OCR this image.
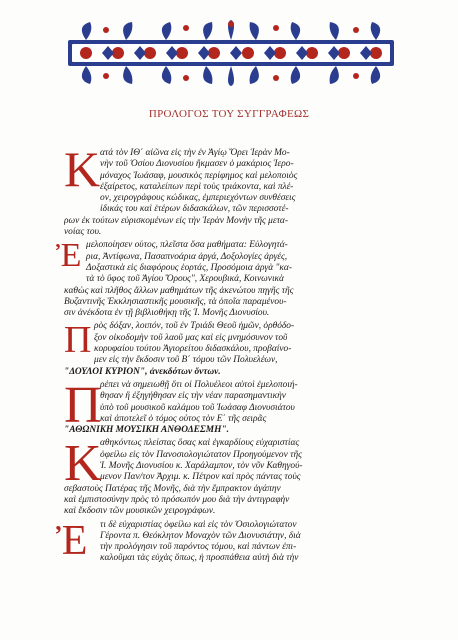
ΠΡΟΛΟΓΟΣ ΤΟΥ ΣΥΓΓΡΑΦΕΩΣ
Κ ατά τὸν ΙΘ΄ αἰῶνα εἰς τὴν ἐν Ἁγίῳ Ὄρει Ἱερὰν Μο-
νὴν τοῦ Ὁσίου Διονυσίου ἤκμασεν ὁ μακάριος Ἱερο-
μόναχος Ἰωάσαφ, μουσικὸς περίφημος καὶ μελοποιὸς
ἐξαίρετος, καταλείπων περὶ τοὺς τριάκοντα, καὶ πλέ-
ον, χειρογράφους κώδικας, ἐμπεριεχόντων συνθέσεις
ἰδικάς του καὶ ἑτέρων διδασκάλων, τῶν περισσοτέ-
ρων ἐκ τούτων εὑρισκομένων εἰς τὴν Ἱερὰν Μονὴν τῆς μετα-
νοίας του.
Ἐ μελοποίησεν οὗτος, πλεῖστα ὅσα μαθήματα: Εὐλογητά-
ρια, Ἀντίφωνα, Πασαπνοάρια ἀργά, Δοξολογίες ἀργές,
Δοξαστικὰ εἰς διαφόρους ἑορτάς, Προσόμοια ἀργὰ "κα-
τὰ τὸ ὕφος τοῦ Ἁγίου Ὄρους", Χερουβικά, Κοινωνικὰ
καθὼς καὶ πλῆθος ἄλλων μαθημάτων τῆς ἀκενώτου πηγῆς τῆς
Βυζαντινῆς Ἐκκλησιαστικῆς μουσικῆς, τὰ ὁποῖα παραμένου-
σιν ἀνέκδοτα ἐν τῇ βιβλιοθήκῃ τῆς Ἱ. Μονῆς Διονυσίου.
Π ρὸς δόξαν, λοιπόν, τοῦ ἐν Τριάδι Θεοῦ ἡμῶν, ὀρθόδο-
ξον οἰκοδομὴν τοῦ λαοῦ μας καὶ εἰς μνημόσυνον τοῦ
κορυφαίου τούτου Ἁγιορείτου διδασκάλου, προβαίνο-
μεν εἰς τὴν ἔκδοσιν τοῦ Β΄ τόμου τῶν Πολυελέων,
"ΔΟΥΛΟΙ ΚΥΡΙΟΝ", ἀνεκδότων ὄντων.
Π
ρέπει νὰ σημειωθῇ ὅτι οἱ Πολυέλεοι αὐτοὶ ἐμελοποιή-
θησαν ἢ ἐξηγήθησαν εἰς τὴν νέαν παρασημαντικὴν
ὑπὸ τοῦ μουσικοῦ καλάμου τοῦ Ἰωάσαφ Διονυσιάτου
καὶ ἀποτελεῖ ὁ τόμος οὗτος τὸν Ε΄ τῆς σειρᾶς
"ΑΘΩΝΙΚΗ ΜΟΥΣΙΚΗ ΑΝΘΟΔΕΣΜΗ".
Κ
αθηκόντως πλείστας ὅσας καὶ ἐγκαρδίους εὐχαριστίας
ὀφείλω εἰς τὸν Πανοσιολογιώτατον Προηγούμενον τῆς
Ἱ. Μονῆς Διονυσίου κ. Χαράλαμπον, τὸν νῦν Καθηγού-
μενον Παν/τον Ἀρχιμ. κ. Πέτρον καὶ πρὸς πάντας τοὺς
σεβαστοὺς Πατέρας τῆς Μονῆς, διὰ τὴν ἔμπρακτον ἀγάπην
καὶ ἐμπιστοσύνην πρὸς τὸ πρόσωπόν μου διὰ τὴν ἀντιγραφὴν
καὶ ἔκδοσιν τῶν μουσικῶν χειρογράφων.
Ἐ	τι δὲ εὐχαριστίας ὀφείλω καὶ εἰς τὸν Ὁσιολογιώτατον
Γέροντα π. Θεόκλητον Μοναχὸν τῶν Διονυσιάτην, διὰ
τὴν προλόγησιν τοῦ παρόντος τόμου, καὶ πάντων ἐπι-
καλοῦμαι τὰς εὐχὰς ὅπως, ἡ προσπάθεια αὐτὴ διὰ τὴν
